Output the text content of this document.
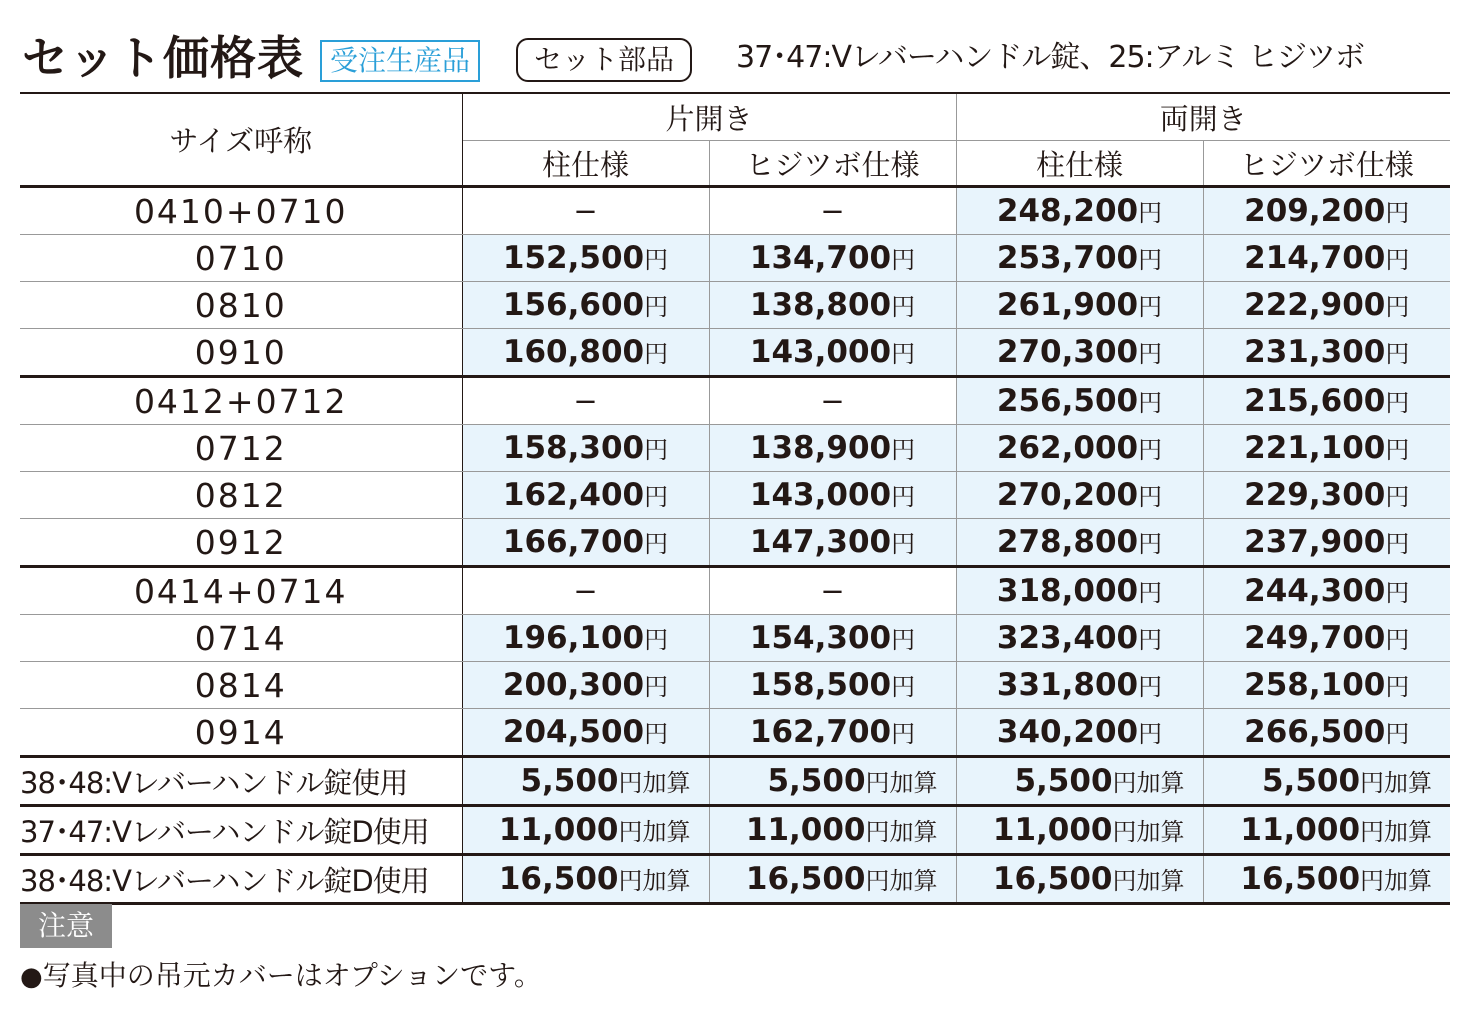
セット価格表 受注生産品	セット部品	37･47:Vレバーハンドル錠、25:アルミ ヒジツボ
サイズ呼称	片開き		両開き	
	柱仕様	ヒジツボ仕様	柱仕様	ヒジツボ仕様
0410+0710	−	−	248,200円	209,200円
0710	152,500円	134,700円	253,700円	214,700円
0810	156,600円	138,800円	261,900円	222,900円
0910	160,800円	143,000円	270,300円	231,300円
0412+0712	−	−	256,500円	215,600円
0712	158,300円	138,900円	262,000円	221,100円
0812	162,400円	143,000円	270,200円	229,300円
0912	166,700円	147,300円	278,800円	237,900円
0414+0714	−	−	318,000円	244,300円
0714	196,100円	154,300円	323,400円	249,700円
0814	200,300円	158,500円	331,800円	258,100円
0914	204,500円	162,700円	340,200円	266,500円
38･48:Vレバーハンドル錠使用	5,500円加算	5,500円加算	5,500円加算	5,500円加算
37･47:Vレバーハンドル錠D使用	11,000円加算	11,000円加算	11,000円加算	11,000円加算
38･48:Vレバーハンドル錠D使用	16,500円加算	16,500円加算	16,500円加算	16,500円加算
注意
●写真中の吊元カバーはオプションです。
